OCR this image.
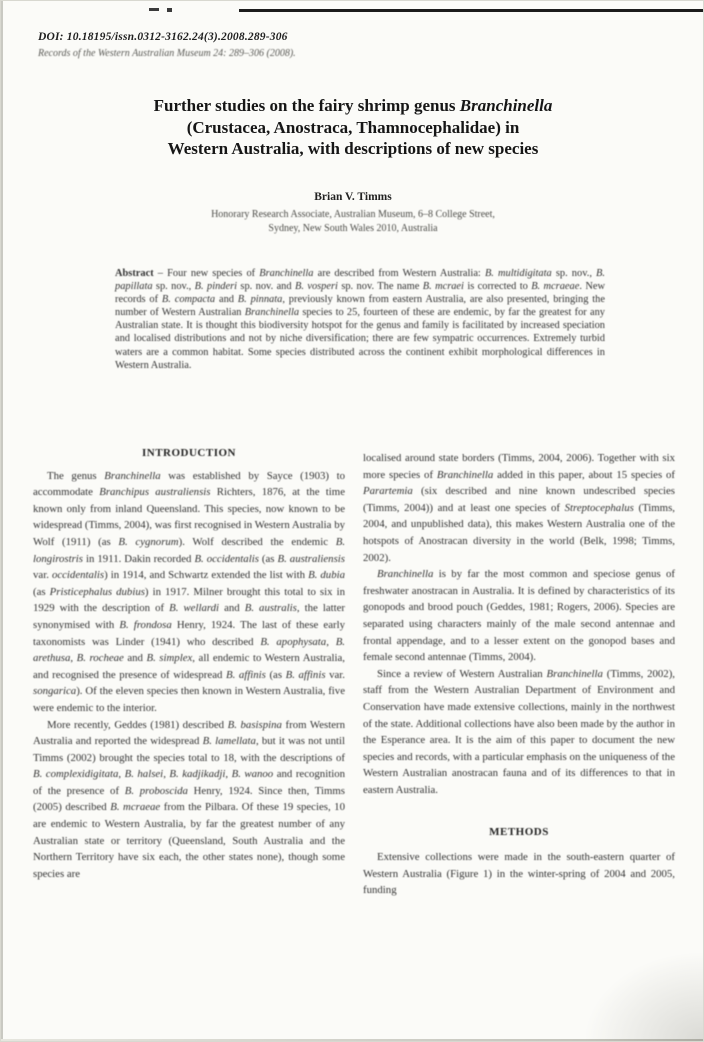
DOI: 10.18195/issn.0312-3162.24(3).2008.289-306
Records of the Western Australian Museum 24: 289–306 (2008).
Further studies on the fairy shrimp genus Branchinella
(Crustacea, Anostraca, Thamnocephalidae) in
Western Australia, with descriptions of new species
Brian V. Timms
Honorary Research Associate, Australian Museum, 6–8 College Street,
Sydney, New South Wales 2010, Australia
Abstract – Four new species of Branchinella are described from Western Australia: B. multidigitata sp. nov., B. papillata sp. nov., B. pinderi sp. nov. and B. vosperi sp. nov. The name B. mcraei is corrected to B. mcraeae. New records of B. compacta and B. pinnata, previously known from eastern Australia, are also presented, bringing the number of Western Australian Branchinella species to 25, fourteen of these are endemic, by far the greatest for any Australian state. It is thought this biodiversity hotspot for the genus and family is facilitated by increased speciation and localised distributions and not by niche diversification; there are few sympatric occurrences. Extremely turbid waters are a common habitat. Some species distributed across the continent exhibit morphological differences in Western Australia.
INTRODUCTION

The genus Branchinella was established by Sayce (1903) to accommodate Branchipus australiensis Richters, 1876, at the time known only from inland Queensland. This species, now known to be widespread (Timms, 2004), was first recognised in Western Australia by Wolf (1911) (as B. cygnorum). Wolf described the endemic B. longirostris in 1911. Dakin recorded B. occidentalis (as B. australiensis var. occidentalis) in 1914, and Schwartz extended the list with B. dubia (as Pristicephalus dubius) in 1917. Milner brought this total to six in 1929 with the description of B. wellardi and B. australis, the latter synonymised with B. frondosa Henry, 1924. The last of these early taxonomists was Linder (1941) who described B. apophysata, B. arethusa, B. rocheae and B. simplex, all endemic to Western Australia, and recognised the presence of widespread B. affinis (as B. affinis var. songarica). Of the eleven species then known in Western Australia, five were endemic to the interior.

More recently, Geddes (1981) described B. basispina from Western Australia and reported the widespread B. lamellata, but it was not until Timms (2002) brought the species total to 18, with the descriptions of B. complexidigitata, B. halsei, B. kadjikadji, B. wanoo and recognition of the presence of B. proboscida Henry, 1924. Since then, Timms (2005) described B. mcraeae from the Pilbara. Of these 19 species, 10 are endemic to Western Australia, by far the greatest number of any Australian state or territory (Queensland, South Australia and the Northern Territory have six each, the other states none), though some species are

localised around state borders (Timms, 2004, 2006). Together with six more species of Branchinella added in this paper, about 15 species of Parartemia (six described and nine known undescribed species (Timms, 2004)) and at least one species of Streptocephalus (Timms, 2004, and unpublished data), this makes Western Australia one of the hotspots of Anostracan diversity in the world (Belk, 1998; Timms, 2002).

Branchinella is by far the most common and speciose genus of freshwater anostracan in Australia. It is defined by characteristics of its gonopods and brood pouch (Geddes, 1981; Rogers, 2006). Species are separated using characters mainly of the male second antennae and frontal appendage, and to a lesser extent on the gonopod bases and female second antennae (Timms, 2004).

Since a review of Western Australian Branchinella (Timms, 2002), staff from the Western Australian Department of Environment and Conservation have made extensive collections, mainly in the northwest of the state. Additional collections have also been made by the author in the Esperance area. It is the aim of this paper to document the new species and records, with a particular emphasis on the uniqueness of the Western Australian anostracan fauna and of its differences to that in eastern Australia.

METHODS

Extensive collections were made in the south-eastern quarter of Western Australia (Figure 1) in the winter-spring of 2004 and 2005, funding
